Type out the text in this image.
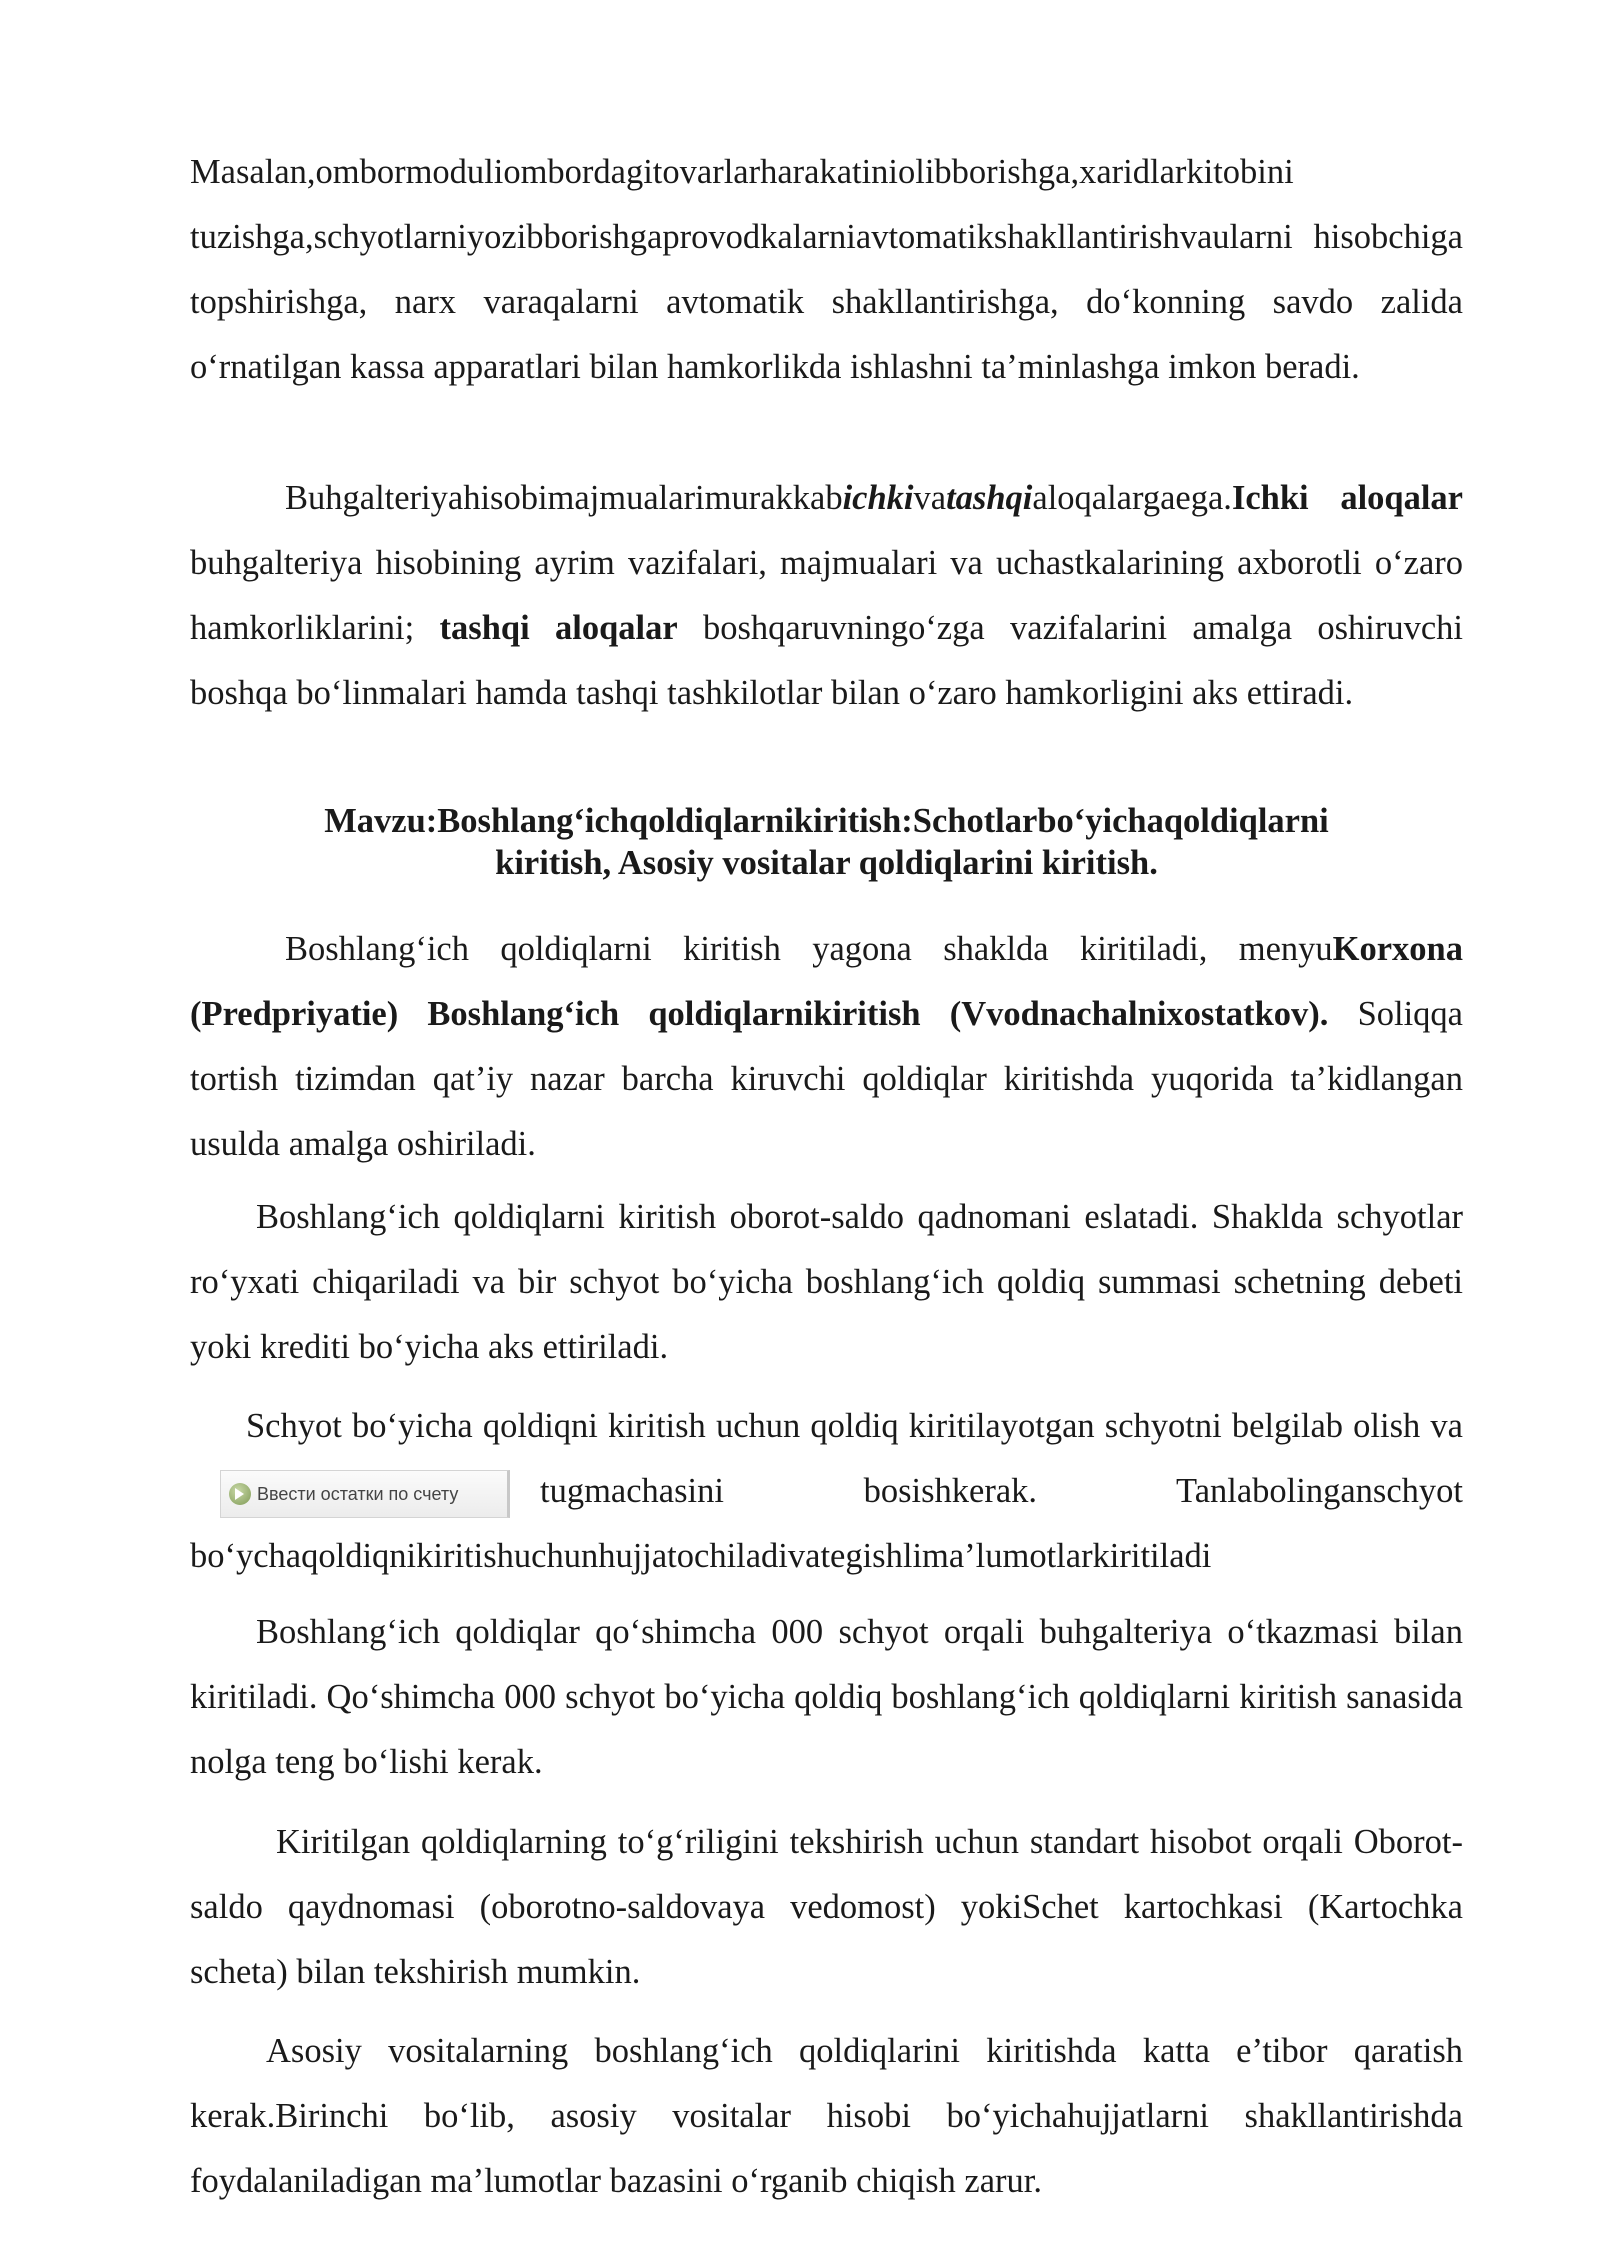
Masalan,ombormoduliombordagitovarlarharakatiniolibborishga,xaridlarkitobini tuzishga,schyotlarniyozibborishgaprovodkalarniavtomatikshakllantirishvaularni hisobchiga topshirishga, narx varaqalarni avtomatik shakllantirishga, do‘konning savdo zalida o‘rnatilgan kassa apparatlari bilan hamkorlikda ishlashni ta’minlashga imkon beradi.

Buhgalteriyahisobimajmualarimurakkabichkivatashqialoqalargaega.Ichki aloqalar buhgalteriya hisobining ayrim vazifalari, majmualari va uchastkalarining axborotli o‘zaro hamkorliklarini; tashqi aloqalar boshqaruvningo‘zga vazifalarini amalga oshiruvchi boshqa bo‘linmalari hamda tashqi tashkilotlar bilan o‘zaro hamkorligini aks ettiradi.

Mavzu:Boshlang‘ichqoldiqlarnikiritish:Schotlarbo‘yichaqoldiqlarni
kiritish, Asosiy vositalar qoldiqlarini kiritish.

Boshlang‘ich qoldiqlarni kiritish yagona shaklda kiritiladi, menyuKorxona (Predpriyatie) Boshlang‘ich qoldiqlarnikiritish (Vvodnachalnixostatkov). Soliqqa tortish tizimdan qat’iy nazar barcha kiruvchi qoldiqlar kiritishda yuqorida ta’kidlangan usulda amalga oshiriladi.

Boshlang‘ich qoldiqlarni kiritish oborot-saldo qadnomani eslatadi. Shaklda schyotlar ro‘yxati chiqariladi va bir schyot bo‘yicha boshlang‘ich qoldiq summasi schetning debeti yoki krediti bo‘yicha aks ettiriladi.

Schyot bo‘yicha qoldiqni kiritish uchun qoldiq kiritilayotgan schyotni belgilab olish va
Ввести остатки по счету tugmachasini bosishkerak. Tanlabolinganschyot bo‘ychaqoldiqnikiritishuchunhujjatochiladivategishlima’lumotlarkiritiladi

Boshlang‘ich qoldiqlar qo‘shimcha 000 schyot orqali buhgalteriya o‘tkazmasi bilan kiritiladi. Qo‘shimcha 000 schyot bo‘yicha qoldiq boshlang‘ich qoldiqlarni kiritish sanasida nolga teng bo‘lishi kerak.

Kiritilgan qoldiqlarning to‘g‘riligini tekshirish uchun standart hisobot orqali Oborot-saldo qaydnomasi (oborotno-saldovaya vedomost) yokiSchet kartochkasi (Kartochka scheta) bilan tekshirish mumkin.

Asosiy vositalarning boshlang‘ich qoldiqlarini kiritishda katta e’tibor qaratish kerak.Birinchi bo‘lib, asosiy vositalar hisobi bo‘yichahujjatlarni shakllantirishda foydalaniladigan ma’lumotlar bazasini o‘rganib chiqish zarur.
